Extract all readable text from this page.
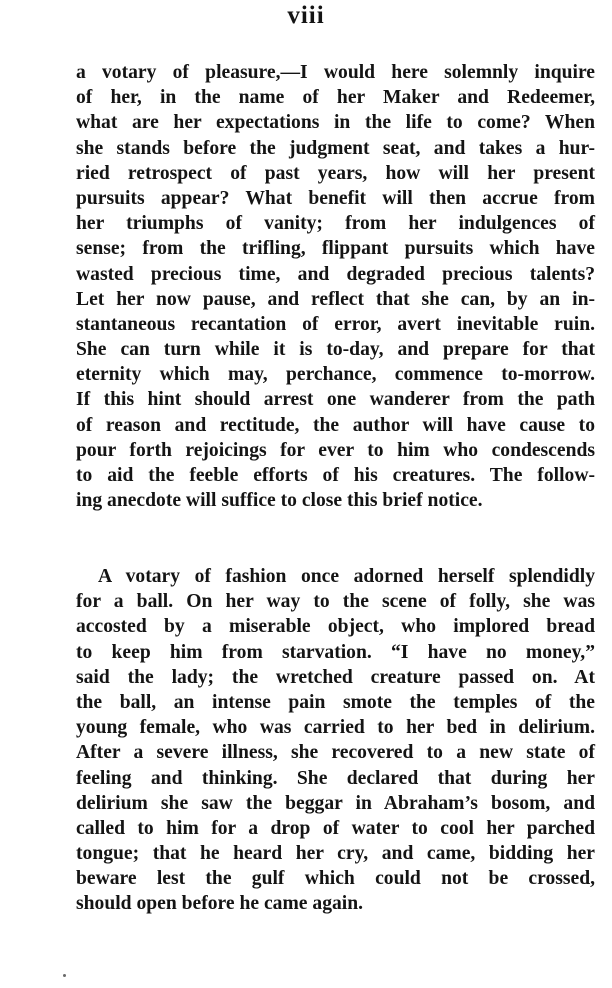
viii
a votary of pleasure,—I would here solemnly inquire
of her, in the name of her Maker and Redeemer,
what are her expectations in the life to come? When
she stands before the judgment seat, and takes a hur-
ried retrospect of past years, how will her present
pursuits appear? What benefit will then accrue from
her triumphs of vanity; from her indulgences of
sense; from the trifling, flippant pursuits which have
wasted precious time, and degraded precious talents?
Let her now pause, and reflect that she can, by an in-
stantaneous recantation of error, avert inevitable ruin.
She can turn while it is to-day, and prepare for that
eternity which may, perchance, commence to-morrow.
If this hint should arrest one wanderer from the path
of reason and rectitude, the author will have cause to
pour forth rejoicings for ever to him who condescends
to aid the feeble efforts of his creatures. The follow-
ing anecdote will suffice to close this brief notice.
A votary of fashion once adorned herself splendidly
for a ball. On her way to the scene of folly, she was
accosted by a miserable object, who implored bread
to keep him from starvation. “I have no money,”
said the lady; the wretched creature passed on. At
the ball, an intense pain smote the temples of the
young female, who was carried to her bed in delirium.
After a severe illness, she recovered to a new state of
feeling and thinking. She declared that during her
delirium she saw the beggar in Abraham’s bosom, and
called to him for a drop of water to cool her parched
tongue; that he heard her cry, and came, bidding her
beware lest the gulf which could not be crossed,
should open before he came again.
